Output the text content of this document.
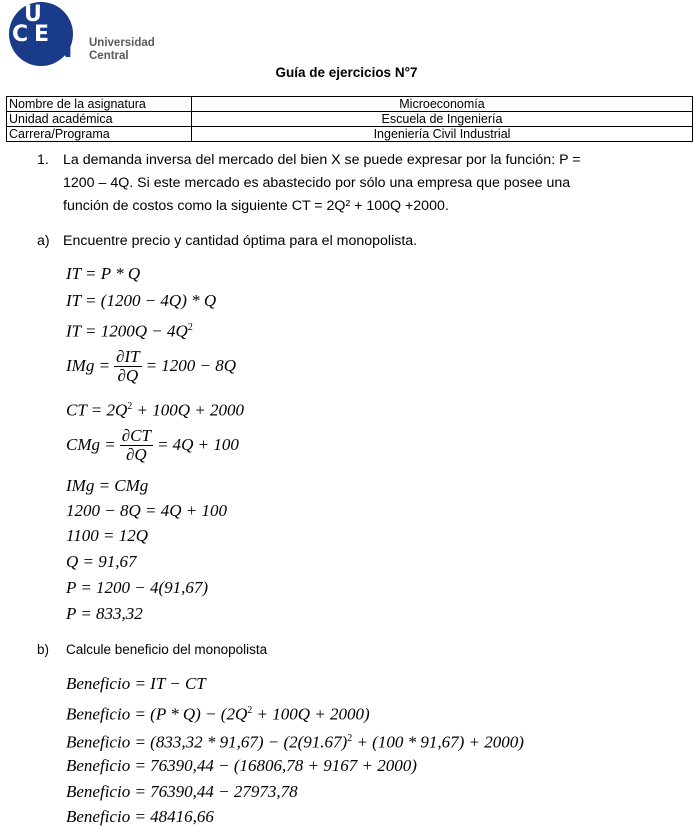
U
C E
N Universidad
Central
Guía de ejercicios N°7
Nombre de la asignatura	Microeconomía
Unidad académica	Escuela de Ingeniería
Carrera/Programa	Ingeniería Civil Industrial
1. La demanda inversa del mercado del bien X se puede expresar por la función: P =
1200 – 4Q. Si este mercado es abastecido por sólo una empresa que posee una
función de costos como la siguiente CT = 2Q² + 100Q +2000.
a) Encuentre precio y cantidad óptima para el monopolista.
IT = P * Q
IT = (1200 − 4Q) * Q
IT = $1200Q - 4Q^2$
IMg = $\frac{\partial IT}{\partial Q} = 1200 - 8Q$
CT = $2Q^2 + 100Q + 2000$
CMg = $\frac{\partial CT}{\partial Q} = 4Q + 100$
IMg = CMg
1200 − 8Q = 4Q + 100
1100 = 12Q
Q = 91,67
P = 1200 − 4(91,67)
P = 833,32
b) Calcule beneficio del monopolista
Beneficio = IT − CT
Beneficio = $(P * Q) - (2Q^2 + 100Q + 2000)$
Beneficio = $(833,32 * 91,67) - (2(91.67)^2 + (100 * 91,67) + 2000)$
Beneficio = 76390,44 − (16806,78 + 9167 + 2000)
Beneficio = 76390,44 − 27973,78
Beneficio = 48416,66
